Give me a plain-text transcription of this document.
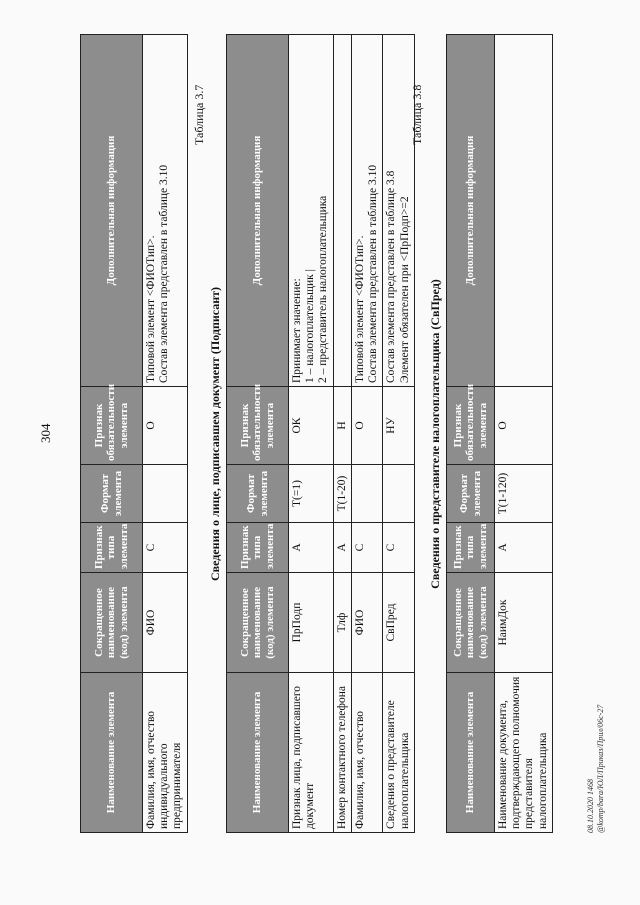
304
Наименование элемента	Сокращенное наименование (код) элемента	Признак типа элемента	Формат элемента	Признак обязательности элемента	Дополнительная информация
Фамилия, имя, отчество индивидуального предпринимателя	ФИО	С		О	Типовой элемент <ФИОТип>.
Состав элемента представлен в таблице 3.10
Таблица 3.7
Сведения о лице, подписавшем документ (Подписант)
Наименование элемента	Сокращенное наименование (код) элемента	Признак типа элемента	Формат элемента	Признак обязательности элемента	Дополнительная информация
Признак лица, подписавшего документ	ПрПодп	А	T(=1)	ОК	Принимает значение:
1 – налогоплательщик |
2 – представитель налогоплательщика
Номер контактного телефона	Тлф	А	T(1-20)	Н	
Фамилия, имя, отчество	ФИО	С		О	Типовой элемент <ФИОТип>.
Состав элемента представлен в таблице 3.10
Сведения о представителе налогоплательщика	СвПред	С		НУ	Состав элемента представлен в таблице 3.8
Элемент обязателен при <ПрПодп>=2
Таблица 3.8
Сведения о представителе налогоплательщика (СвПред)
Наименование элемента	Сокращенное наименование (код) элемента	Признак типа элемента	Формат элемента	Признак обязательности элемента	Дополнительная информация
Наименование документа, подтверждающего полномочия представителя налогоплательщика	НаимДок	А	T(1-120)	О	
08.10.2020 1468 @komp/bara/ЮЛ/Приказ/Прил/06с-27
